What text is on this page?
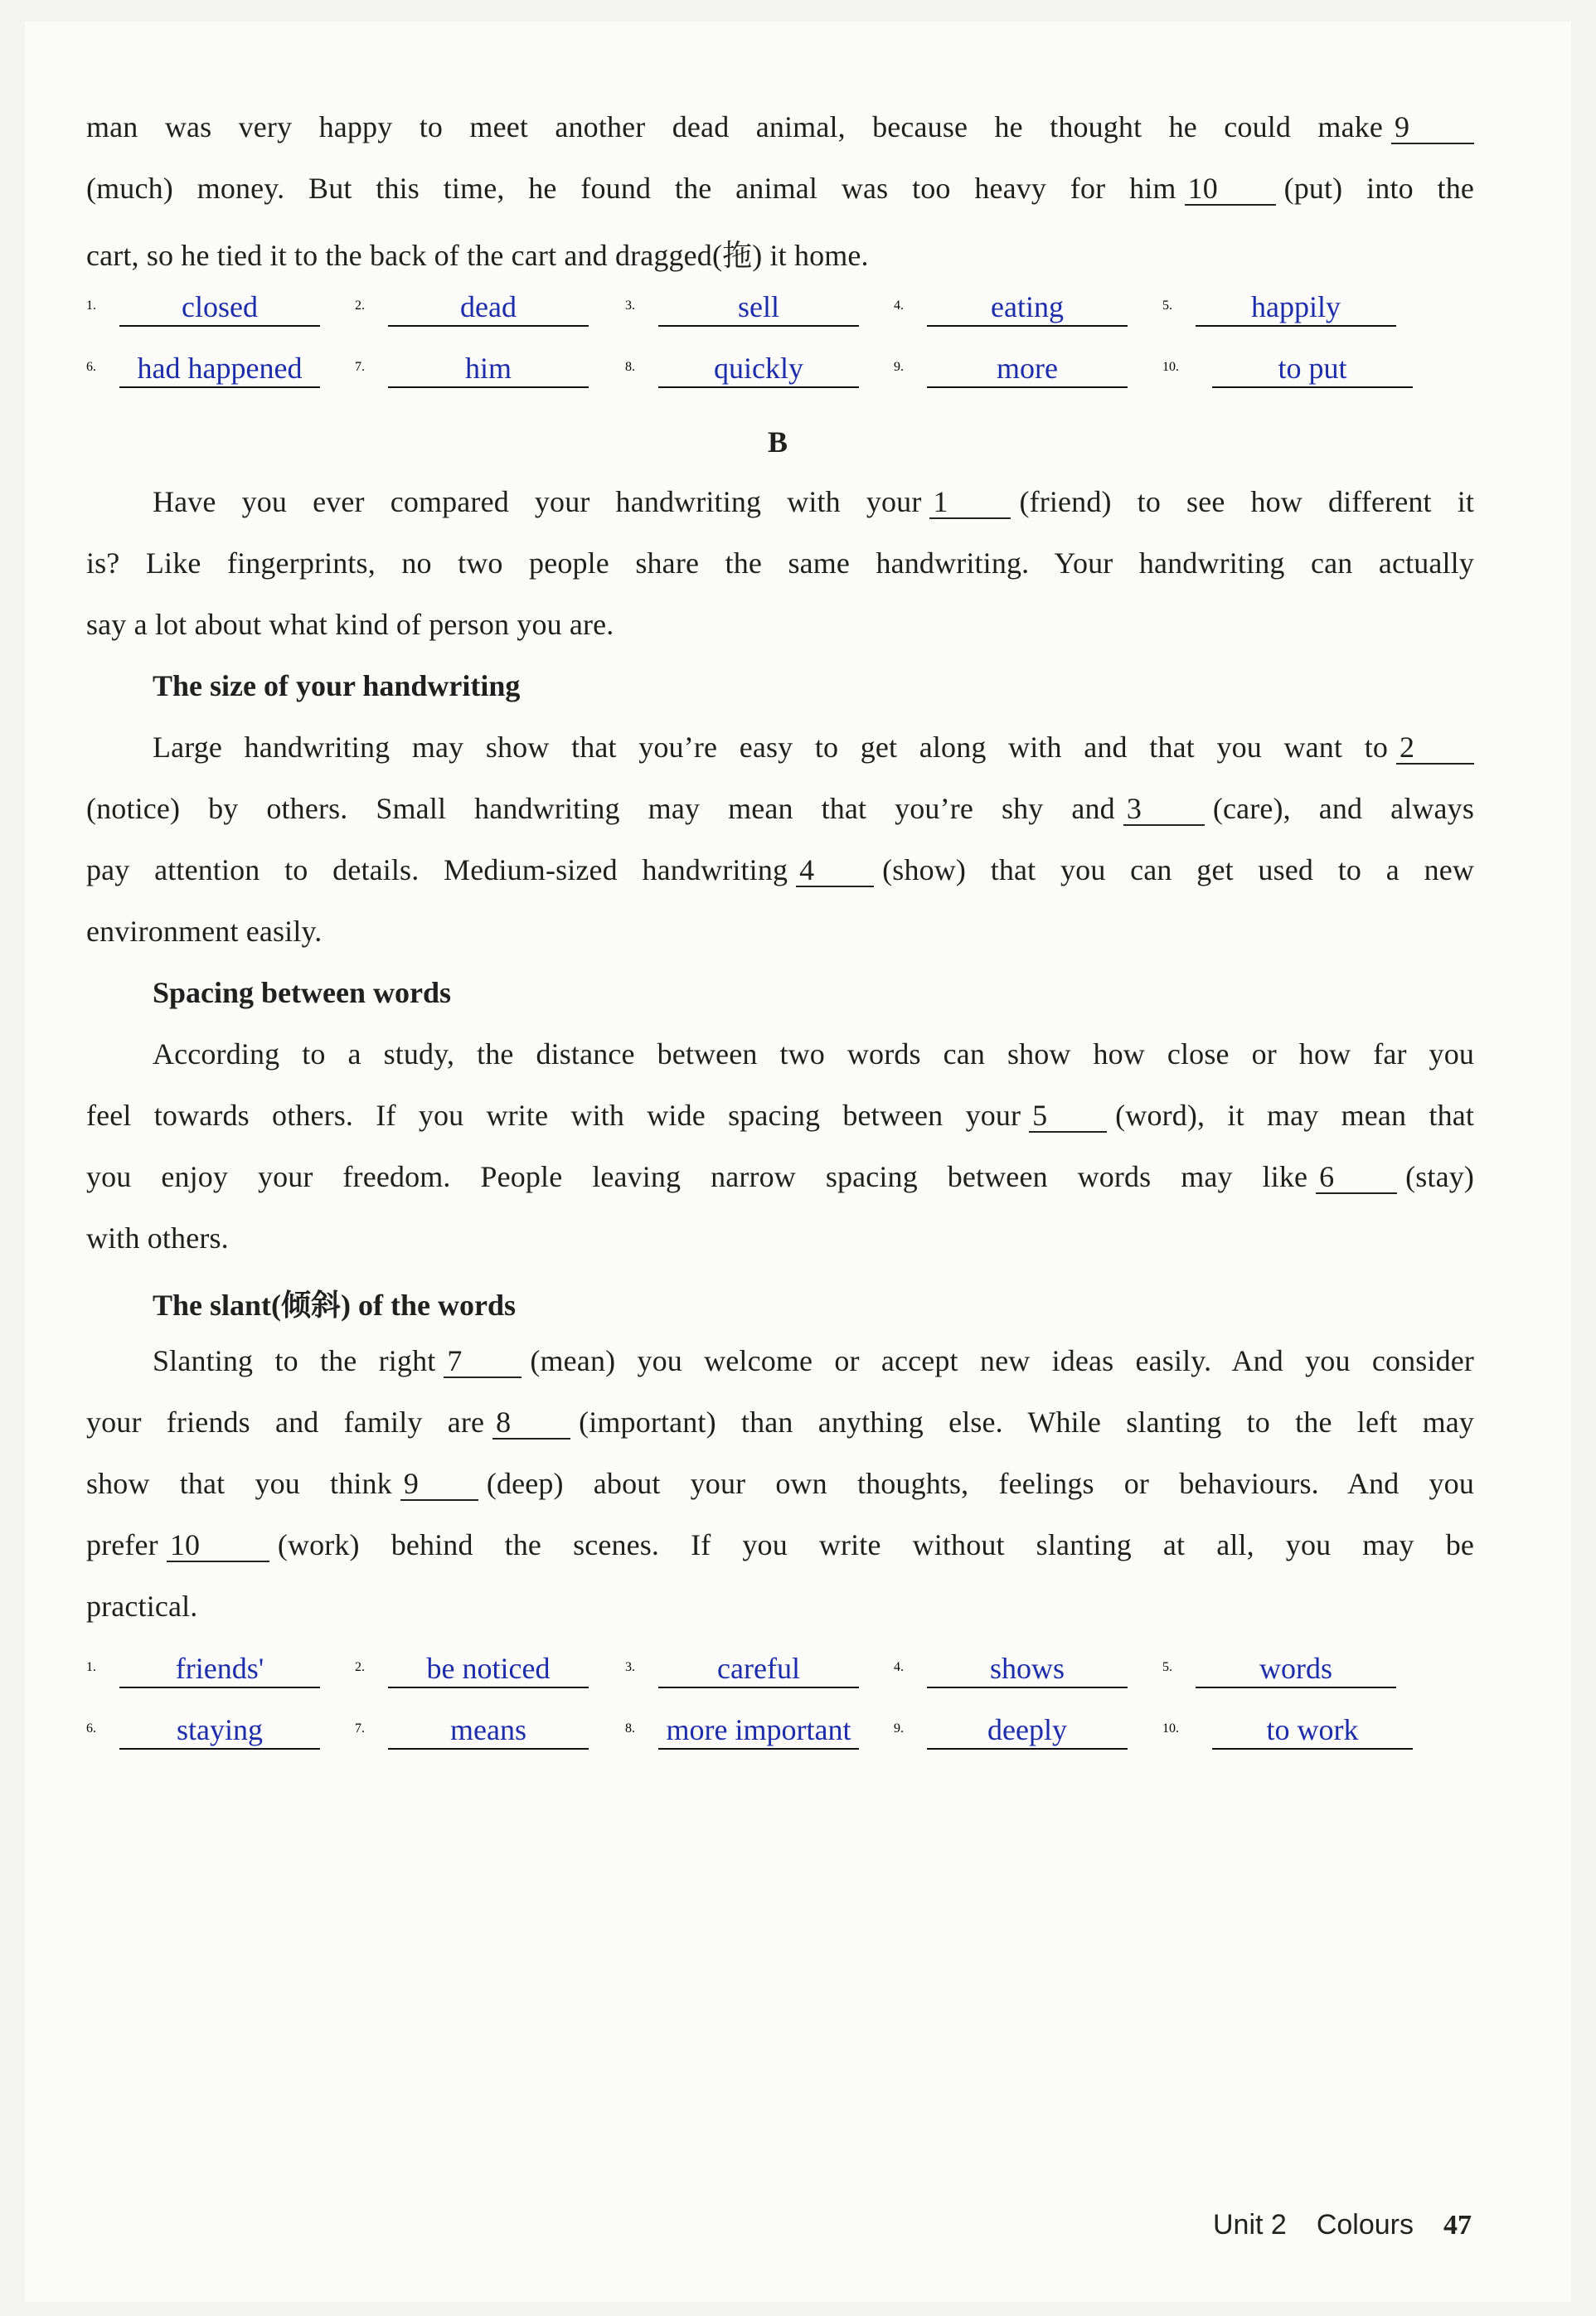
man was very happy to meet another dead animal, because he thought he could make 9
(much) money. But this time, he found the animal was too heavy for him 10 (put) into the
cart, so he tied it to the back of the cart and dragged(拖) it home.
1.	closed	2.	dead	3.	sell	4.	eating	5.	happily
6.	had happened	7.	him	8.	quickly	9.	more	10.	to put
B
Have you ever compared your handwriting with your 1 (friend) to see how different it
is? Like fingerprints, no two people share the same handwriting. Your handwriting can actually
say a lot about what kind of person you are.
The size of your handwriting
Large handwriting may show that you’re easy to get along with and that you want to 2
(notice) by others. Small handwriting may mean that you’re shy and 3 (care), and always
pay attention to details. Medium-sized handwriting 4 (show) that you can get used to a new
environment easily.
Spacing between words
According to a study, the distance between two words can show how close or how far you
feel towards others. If you write with wide spacing between your 5 (word), it may mean that
you enjoy your freedom. People leaving narrow spacing between words may like 6 (stay)
with others.
The slant(倾斜) of the words
Slanting to the right 7 (mean) you welcome or accept new ideas easily. And you consider
your friends and family are 8 (important) than anything else. While slanting to the left may
show that you think 9 (deep) about your own thoughts, feelings or behaviours. And you
prefer 10	(work) behind the scenes. If you write without slanting at all, you may be
practical.
1.	friends'	2.	be noticed	3.	careful	4.	shows	5.	words
6.	staying	7.	means	8. more important	9.	deeply	10.	to work
Unit 2 Colours 47
